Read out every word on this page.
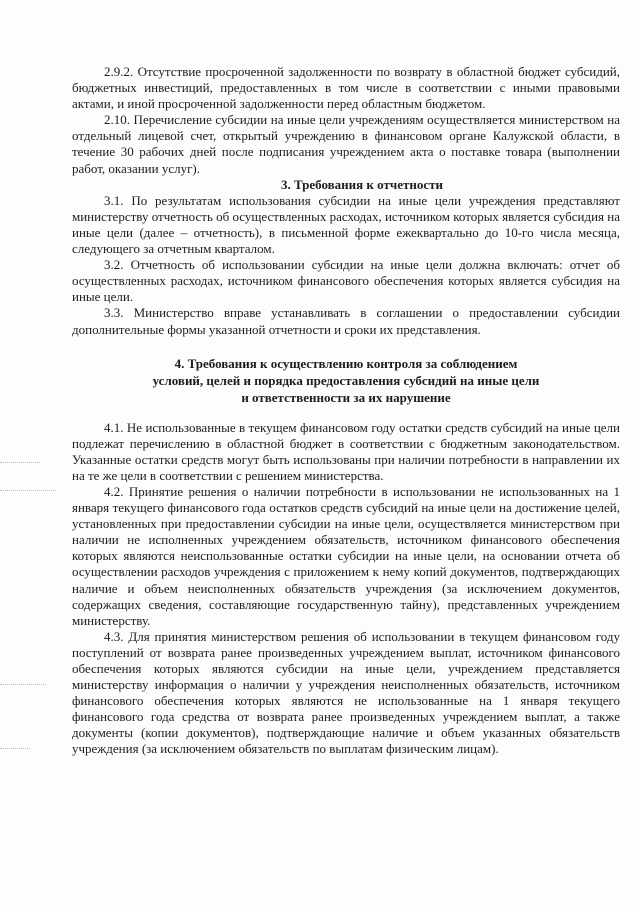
2.9.2. Отсутствие просроченной задолженности по возврату в областной бюджет субсидий, бюджетных инвестиций, предоставленных в том числе в соответствии с иными правовыми актами, и иной просроченной задолженности перед областным бюджетом.

2.10. Перечисление субсидии на иные цели учреждениям осуществляется министерством на отдельный лицевой счет, открытый учреждению в финансовом органе Калужской области, в течение 30 рабочих дней после подписания учреждением акта о поставке товара (выполнении работ, оказании услуг).

3. Требования к отчетности

3.1. По результатам использования субсидии на иные цели учреждения представляют министерству отчетность об осуществленных расходах, источником которых является субсидия на иные цели (далее – отчетность), в письменной форме ежеквартально до 10-го числа месяца, следующего за отчетным кварталом.

3.2. Отчетность об использовании субсидии на иные цели должна включать: отчет об осуществленных расходах, источником финансового обеспечения которых является субсидия на иные цели.

3.3. Министерство вправе устанавливать в соглашении о предоставлении субсидии дополнительные формы указанной отчетности и сроки их представления.

4. Требования к осуществлению контроля за соблюдением
условий, целей и порядка предоставления субсидий на иные цели
и ответственности за их нарушение

4.1. Не использованные в текущем финансовом году остатки средств субсидий на иные цели подлежат перечислению в областной бюджет в соответствии с бюджетным законодательством. Указанные остатки средств могут быть использованы при наличии потребности в направлении их на те же цели в соответствии с решением министерства.

4.2. Принятие решения о наличии потребности в использовании не использованных на 1 января текущего финансового года остатков средств субсидий на иные цели на достижение целей, установленных при предоставлении субсидии на иные цели, осуществляется министерством при наличии не исполненных учреждением обязательств, источником финансового обеспечения которых являются неиспользованные остатки субсидии на иные цели, на основании отчета об осуществлении расходов учреждения с приложением к нему копий документов, подтверждающих наличие и объем неисполненных обязательств учреждения (за исключением документов, содержащих сведения, составляющие государственную тайну), представленных учреждением министерству.

4.3. Для принятия министерством решения об использовании в текущем финансовом году поступлений от возврата ранее произведенных учреждением выплат, источником финансового обеспечения которых являются субсидии на иные цели, учреждением представляется министерству информация о наличии у учреждения неисполненных обязательств, источником финансового обеспечения которых являются не использованные на 1 января текущего финансового года средства от возврата ранее произведенных учреждением выплат, а также документы (копии документов), подтверждающие наличие и объем указанных обязательств учреждения (за исключением обязательств по выплатам физическим лицам).
